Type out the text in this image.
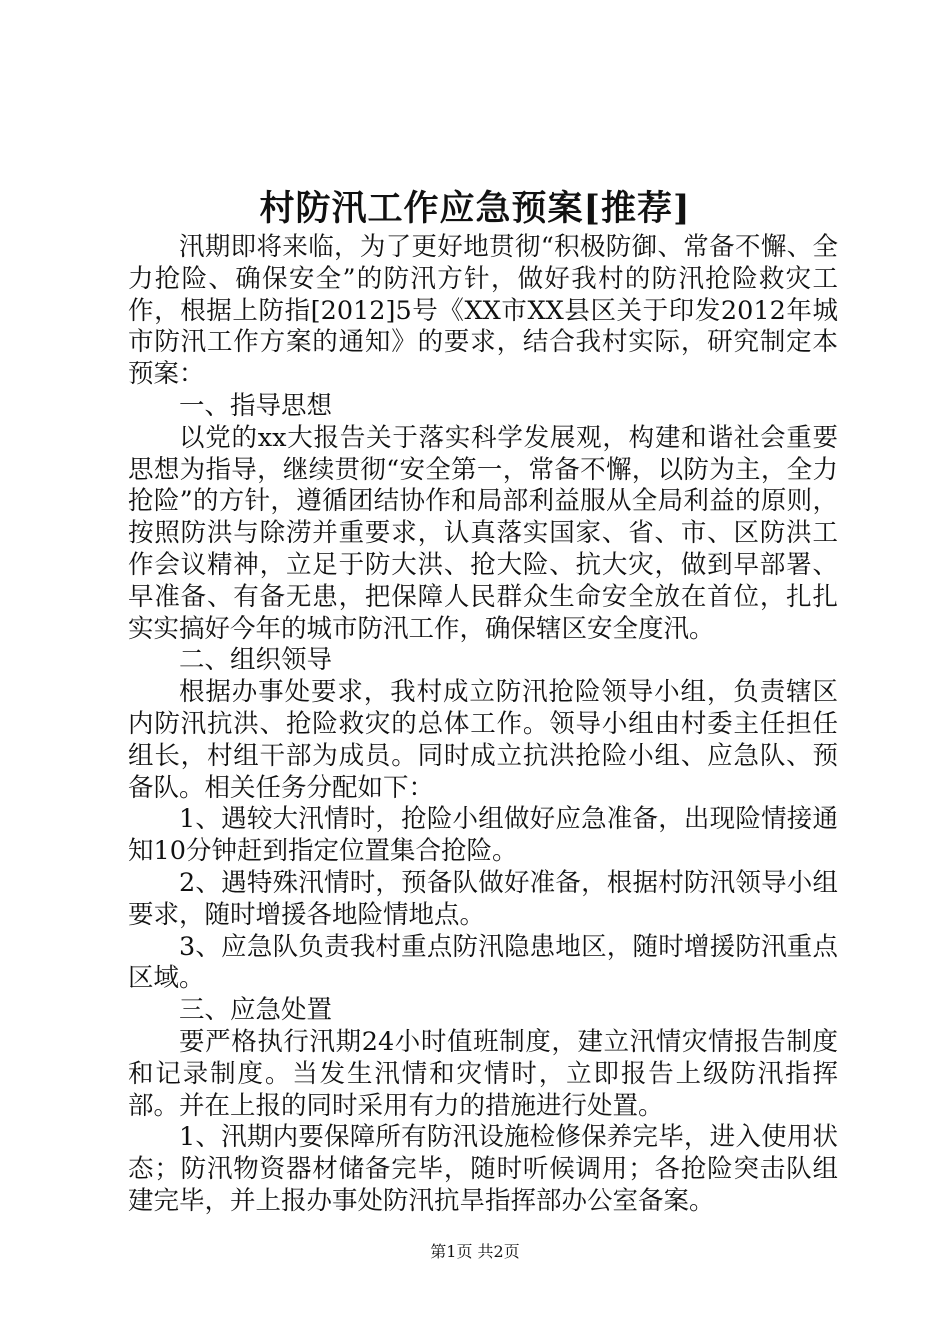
村防汛工作应急预案[推荐]

汛期即将来临，为了更好地贯彻“积极防御、常备不懈、全力抢险、确保安全”的防汛方针，做好我村的防汛抢险救灾工作，根据上防指[2012]5号《XX市XX县区关于印发2012年城市防汛工作方案的通知》的要求，结合我村实际，研究制定本预案：

一、指导思想

以党的xx大报告关于落实科学发展观，构建和谐社会重要思想为指导，继续贯彻“安全第一，常备不懈，以防为主，全力抢险”的方针，遵循团结协作和局部利益服从全局利益的原则，按照防洪与除涝并重要求，认真落实国家、省、市、区防洪工作会议精神，立足于防大洪、抢大险、抗大灾，做到早部署、早准备、有备无患，把保障人民群众生命安全放在首位，扎扎实实搞好今年的城市防汛工作，确保辖区安全度汛。

二、组织领导

根据办事处要求，我村成立防汛抢险领导小组，负责辖区内防汛抗洪、抢险救灾的总体工作。领导小组由村委主任担任组长，村组干部为成员。同时成立抗洪抢险小组、应急队、预备队。相关任务分配如下：

1、遇较大汛情时，抢险小组做好应急准备，出现险情接通知10分钟赶到指定位置集合抢险。

2、遇特殊汛情时，预备队做好准备，根据村防汛领导小组要求，随时增援各地险情地点。

3、应急队负责我村重点防汛隐患地区，随时增援防汛重点区域。

三、应急处置

要严格执行汛期24小时值班制度，建立汛情灾情报告制度和记录制度。当发生汛情和灾情时，立即报告上级防汛指挥部。并在上报的同时采用有力的措施进行处置。

1、汛期内要保障所有防汛设施检修保养完毕，进入使用状态；防汛物资器材储备完毕，随时听候调用；各抢险突击队组建完毕，并上报办事处防汛抗旱指挥部办公室备案。

第1页 共2页
